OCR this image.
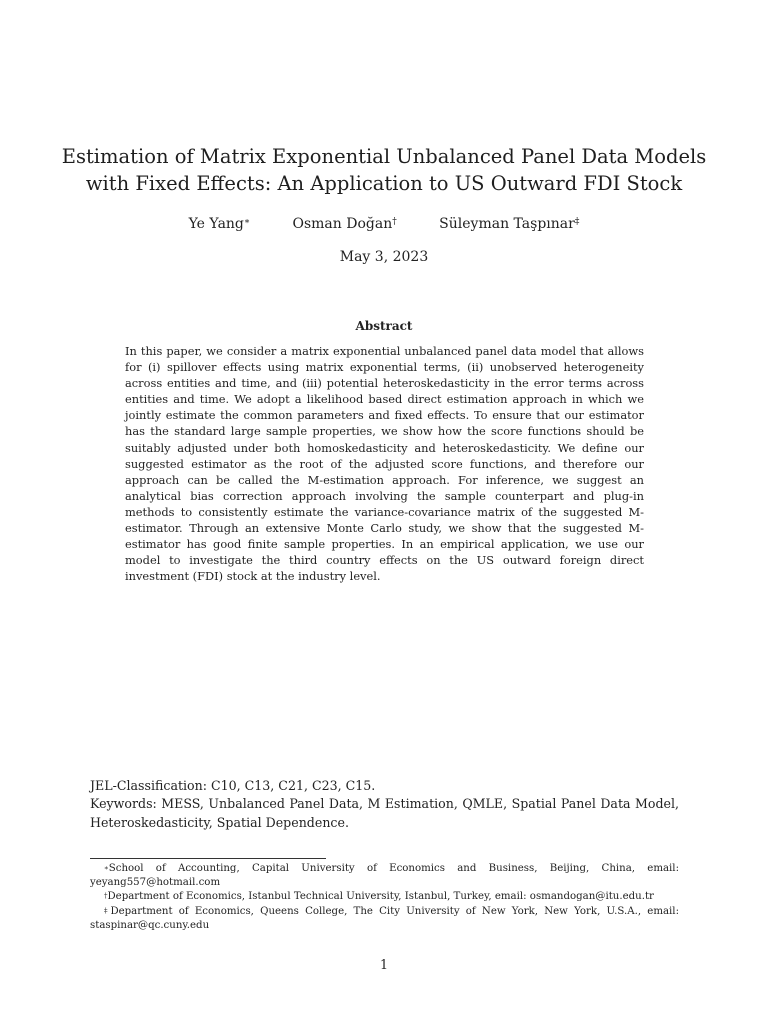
Estimation of Matrix Exponential Unbalanced Panel Data Models with Fixed Effects: An Application to US Outward FDI Stock
Ye Yang∗	Osman Doğan†	Süleyman Taşpınar‡
May 3, 2023
Abstract
In this paper, we consider a matrix exponential unbalanced panel data model that allows for (i) spillover effects using matrix exponential terms, (ii) unobserved heterogeneity across entities and time, and (iii) potential heteroskedasticity in the error terms across entities and time. We adopt a likelihood based direct estimation approach in which we jointly estimate the common parameters and fixed effects. To ensure that our estimator has the standard large sample properties, we show how the score functions should be suitably adjusted under both homoskedasticity and heteroskedasticity. We define our suggested estimator as the root of the adjusted score functions, and therefore our approach can be called the M-estimation approach. For inference, we suggest an analytical bias correction approach involving the sample counterpart and plug-in methods to consistently estimate the variance-covariance matrix of the suggested M-estimator. Through an extensive Monte Carlo study, we show that the suggested M-estimator has good finite sample properties. In an empirical application, we use our model to investigate the third country effects on the US outward foreign direct investment (FDI) stock at the industry level.
JEL-Classification: C10, C13, C21, C23, C15.
Keywords: MESS, Unbalanced Panel Data, M Estimation, QMLE, Spatial Panel Data Model, Heteroskedasticity, Spatial Dependence.
∗School of Accounting, Capital University of Economics and Business, Beijing, China, email: yeyang557@hotmail.com
†Department of Economics, Istanbul Technical University, Istanbul, Turkey, email: osmandogan@itu.edu.tr
‡Department of Economics, Queens College, The City University of New York, New York, U.S.A., email: staspinar@qc.cuny.edu
1
